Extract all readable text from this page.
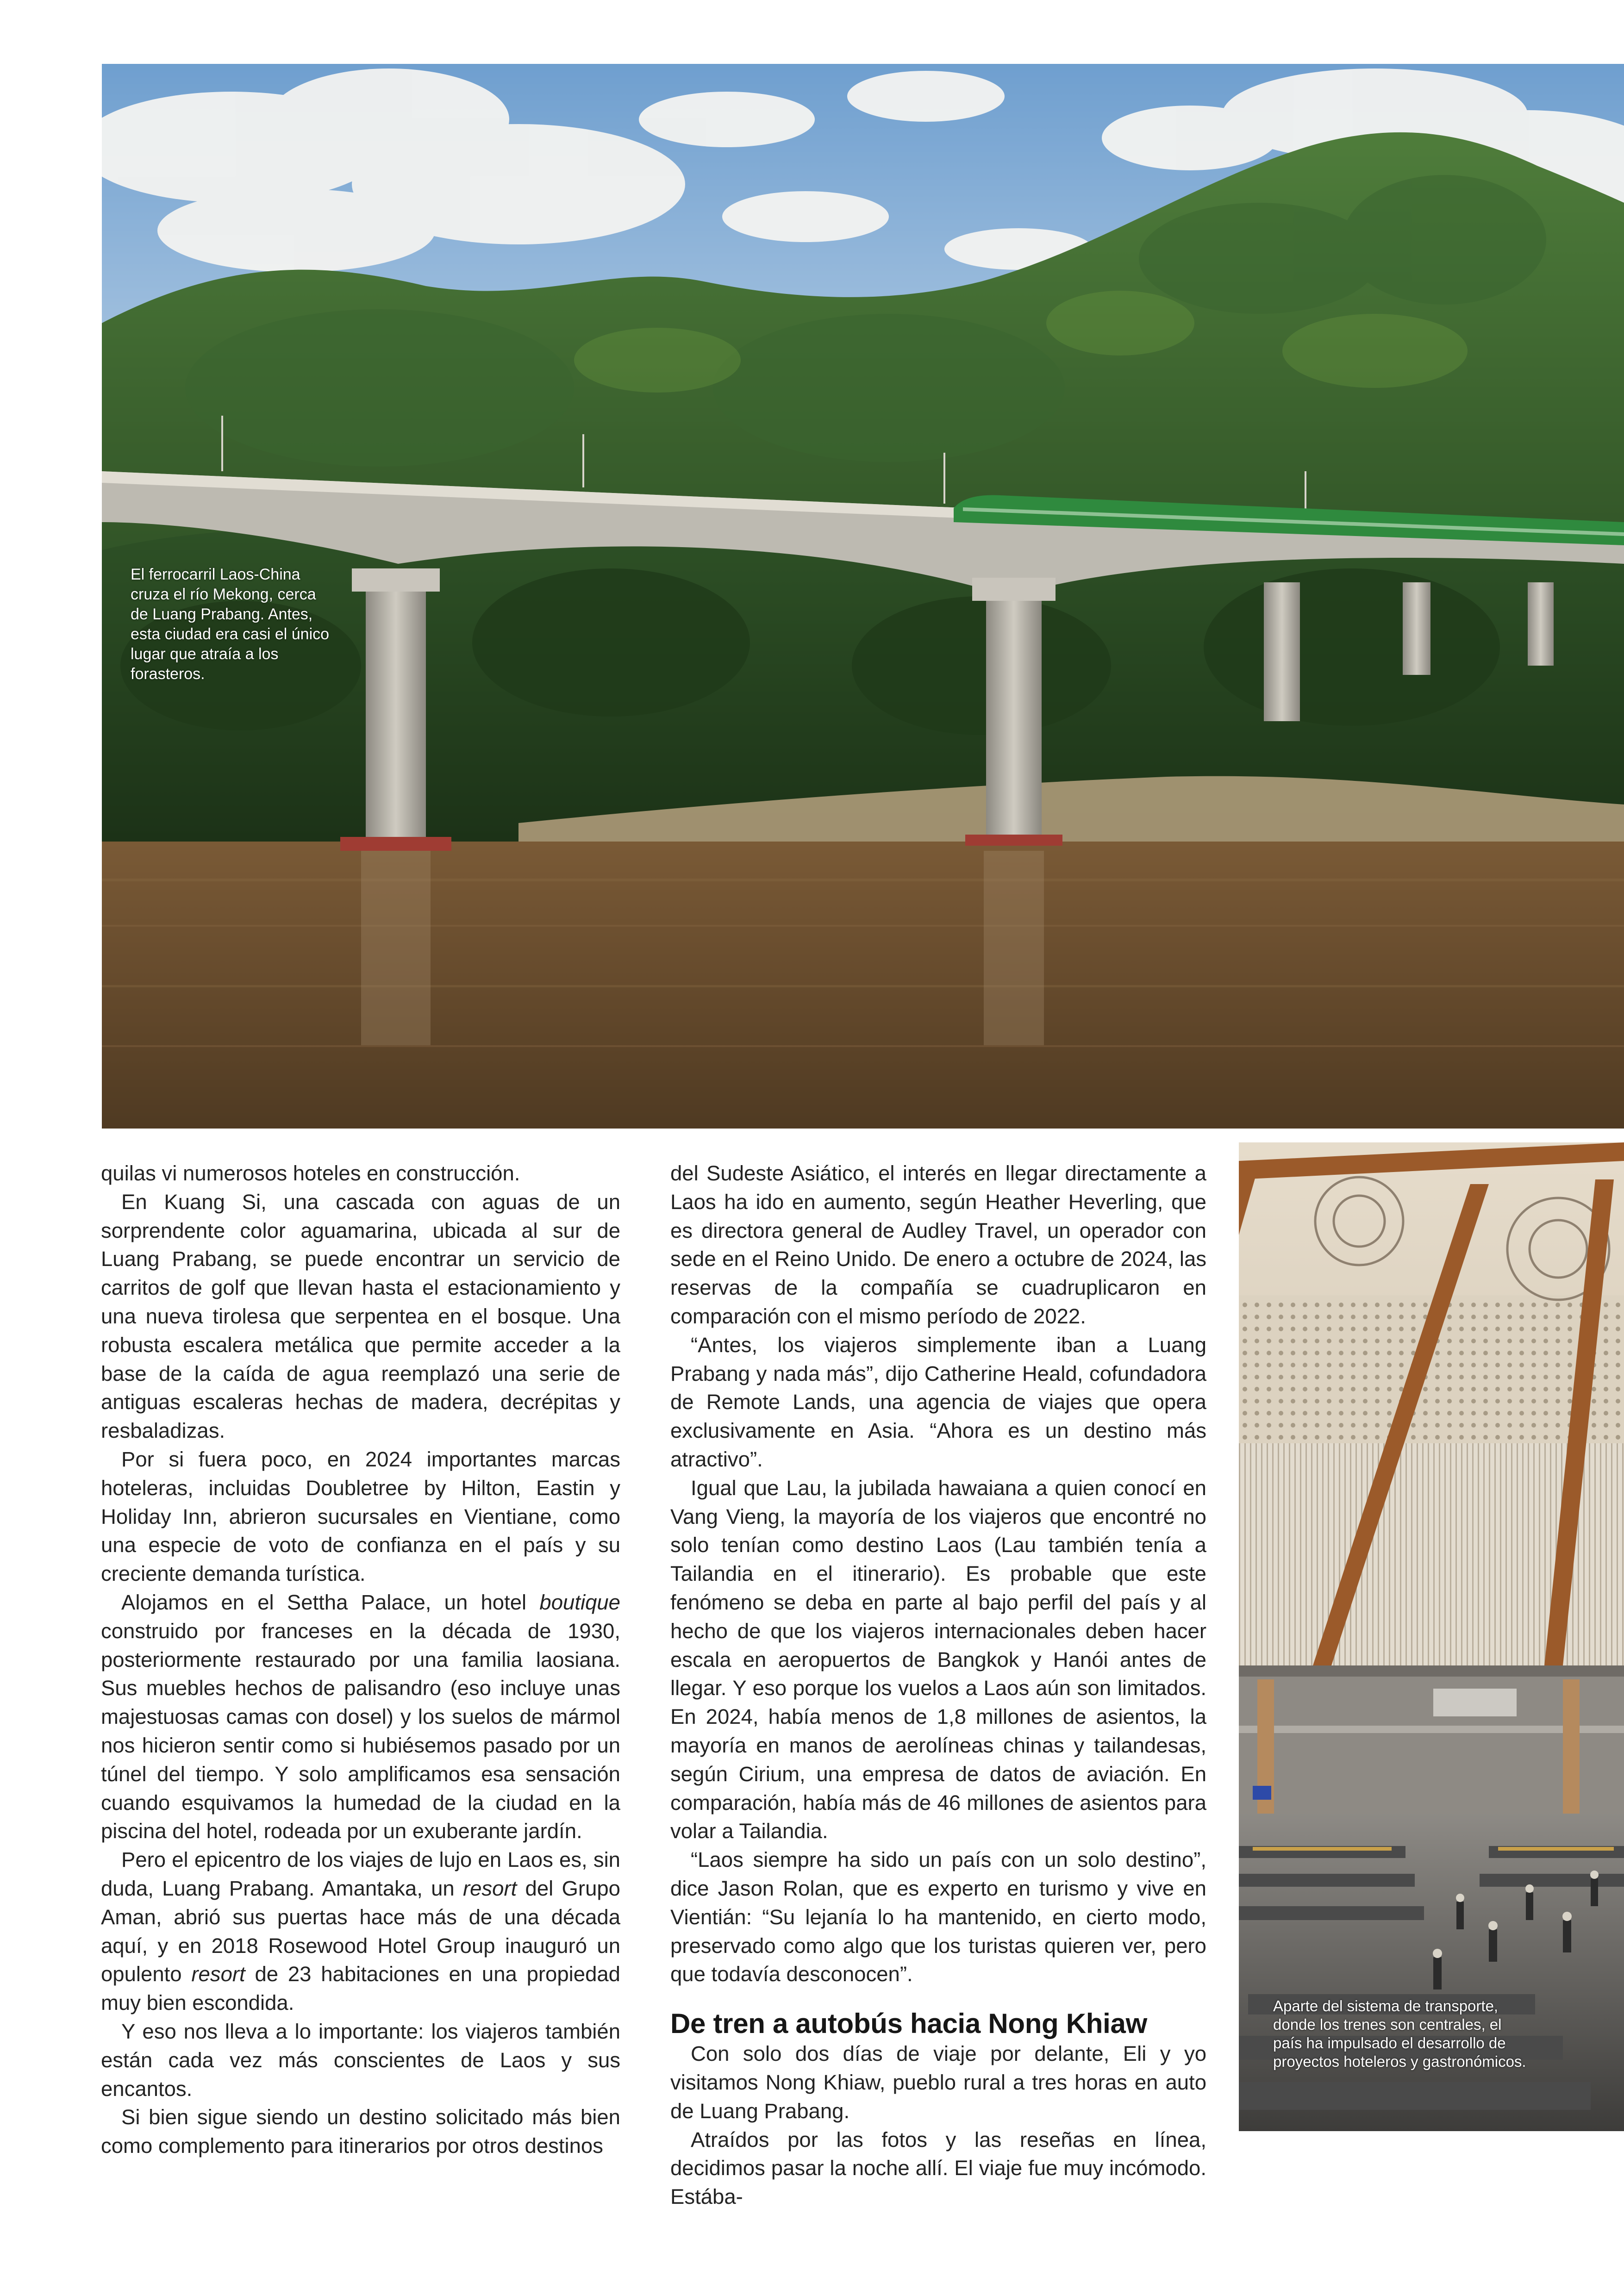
El ferrocarril Laos-China cruza el río Mekong, cerca de Luang Prabang. Antes, esta ciudad era casi el único lugar que atraía a los forasteros.

Aparte del sistema de transporte, donde los trenes son centrales, el país ha impulsado el desarrollo de proyectos hoteleros y gastronómicos.

quilas vi numerosos hoteles en construcción.

En Kuang Si, una cascada con aguas de un sorprendente color aguamarina, ubicada al sur de Luang Prabang, se puede encontrar un servicio de carritos de golf que llevan hasta el estacionamiento y una nueva tirolesa que serpentea en el bosque. Una robusta escalera metálica que permite acceder a la base de la caída de agua reemplazó una serie de antiguas escaleras hechas de madera, decrépitas y resbaladizas.

Por si fuera poco, en 2024 importantes marcas hoteleras, incluidas Doubletree by Hilton, Eastin y Holiday Inn, abrieron sucursales en Vientiane, como una especie de voto de confianza en el país y su creciente demanda turística.

Alojamos en el Settha Palace, un hotel boutique construido por franceses en la década de 1930, posteriormente restaurado por una familia laosiana. Sus muebles hechos de palisandro (eso incluye unas majestuosas camas con dosel) y los suelos de mármol nos hicieron sentir como si hubiésemos pasado por un túnel del tiempo. Y solo amplificamos esa sensación cuando esquivamos la humedad de la ciudad en la piscina del hotel, rodeada por un exuberante jardín.

Pero el epicentro de los viajes de lujo en Laos es, sin duda, Luang Prabang. Amantaka, un resort del Grupo Aman, abrió sus puertas hace más de una década aquí, y en 2018 Rosewood Hotel Group inauguró un opulento resort de 23 habitaciones en una propiedad muy bien escondida.

Y eso nos lleva a lo importante: los viajeros también están cada vez más conscientes de Laos y sus encantos.

Si bien sigue siendo un destino solicitado más bien como complemento para itinerarios por otros destinos

del Sudeste Asiático, el interés en llegar directamente a Laos ha ido en aumento, según Heather Heverling, que es directora general de Audley Travel, un operador con sede en el Reino Unido. De enero a octubre de 2024, las reservas de la compañía se cuadruplicaron en comparación con el mismo período de 2022.

“Antes, los viajeros simplemente iban a Luang Prabang y nada más”, dijo Catherine Heald, cofundadora de Remote Lands, una agencia de viajes que opera exclusivamente en Asia. “Ahora es un destino más atractivo”.

Igual que Lau, la jubilada hawaiana a quien conocí en Vang Vieng, la mayoría de los viajeros que encontré no solo tenían como destino Laos (Lau también tenía a Tailandia en el itinerario). Es probable que este fenómeno se deba en parte al bajo perfil del país y al hecho de que los viajeros internacionales deben hacer escala en aeropuertos de Bangkok y Hanói antes de llegar. Y eso porque los vuelos a Laos aún son limitados. En 2024, había menos de 1,8 millones de asientos, la mayoría en manos de aerolíneas chinas y tailandesas, según Cirium, una empresa de datos de aviación. En comparación, había más de 46 millones de asientos para volar a Tailandia.

“Laos siempre ha sido un país con un solo destino”, dice Jason Rolan, que es experto en turismo y vive en Vientián: “Su lejanía lo ha mantenido, en cierto modo, preservado como algo que los turistas quieren ver, pero que todavía desconocen”.

De tren a autobús hacia Nong Khiaw

Con solo dos días de viaje por delante, Eli y yo visitamos Nong Khiaw, pueblo rural a tres horas en auto de Luang Prabang.

Atraídos por las fotos y las reseñas en línea, decidimos pasar la noche allí. El viaje fue muy incómodo. Estába-
